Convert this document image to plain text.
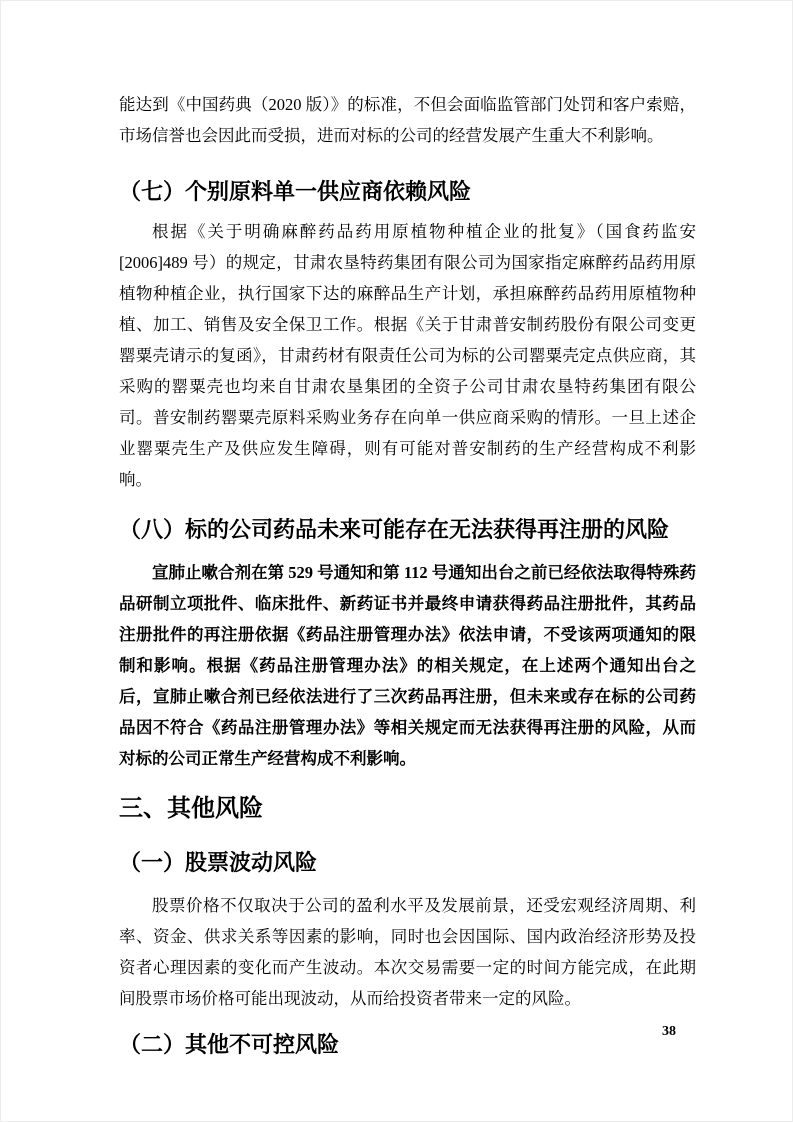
能达到《中国药典（2020 版）》的标准，不但会面临监管部门处罚和客户索赔，市场信誉也会因此而受损，进而对标的公司的经营发展产生重大不利影响。

（七）个别原料单一供应商依赖风险

根据《关于明确麻醉药品药用原植物种植企业的批复》（国食药监安[2006]489 号）的规定，甘肃农垦特药集团有限公司为国家指定麻醉药品药用原植物种植企业，执行国家下达的麻醉品生产计划，承担麻醉药品药用原植物种植、加工、销售及安全保卫工作。根据《关于甘肃普安制药股份有限公司变更罂粟壳请示的复函》，甘肃药材有限责任公司为标的公司罂粟壳定点供应商，其采购的罂粟壳也均来自甘肃农垦集团的全资子公司甘肃农垦特药集团有限公司。普安制药罂粟壳原料采购业务存在向单一供应商采购的情形。一旦上述企业罂粟壳生产及供应发生障碍，则有可能对普安制药的生产经营构成不利影响。

（八）标的公司药品未来可能存在无法获得再注册的风险

宣肺止嗽合剂在第 529 号通知和第 112 号通知出台之前已经依法取得特殊药品研制立项批件、临床批件、新药证书并最终申请获得药品注册批件，其药品注册批件的再注册依据《药品注册管理办法》依法申请，不受该两项通知的限制和影响。根据《药品注册管理办法》的相关规定，在上述两个通知出台之后，宣肺止嗽合剂已经依法进行了三次药品再注册，但未来或存在标的公司药品因不符合《药品注册管理办法》等相关规定而无法获得再注册的风险，从而对标的公司正常生产经营构成不利影响。

三、其他风险
（一）股票波动风险

股票价格不仅取决于公司的盈利水平及发展前景，还受宏观经济周期、利率、资金、供求关系等因素的影响，同时也会因国际、国内政治经济形势及投资者心理因素的变化而产生波动。本次交易需要一定的时间方能完成，在此期间股票市场价格可能出现波动，从而给投资者带来一定的风险。

（二）其他不可控风险
38
